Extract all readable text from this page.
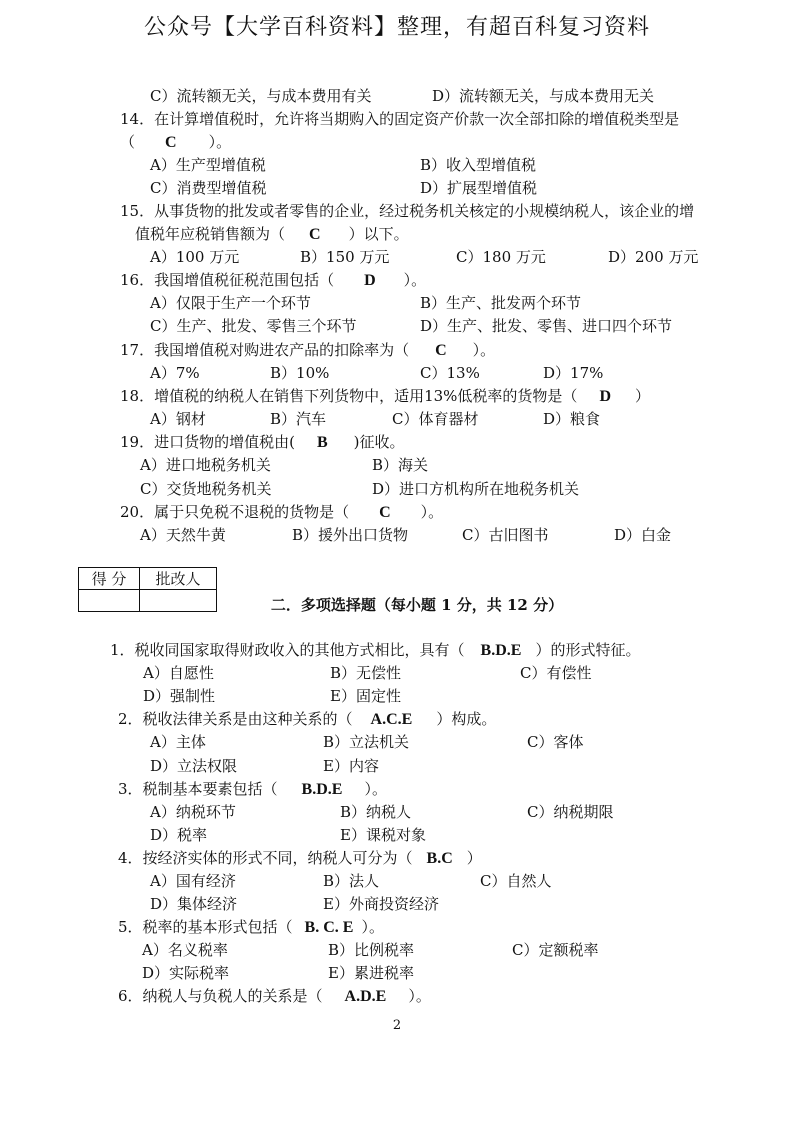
公众号【大学百科资料】整理，有超百科复习资料
C）流转额无关，与成本费用有关	D）流转额无关，与成本费用无关
14．在计算增值税时，允许将当期购入的固定资产价款一次全部扣除的增值税类型是
（ C ）。
A）生产型增值税	B）收入型增值税
C）消费型增值税	D）扩展型增值税
15．从事货物的批发或者零售的企业，经过税务机关核定的小规模纳税人，该企业的增
值税年应税销售额为（ C ）以下。
A）100 万元	B）150 万元	C）180 万元	D）200 万元
16．我国增值税征税范围包括（ D ）。
A）仅限于生产一个环节	B）生产、批发两个环节
C）生产、批发、零售三个环节	D）生产、批发、零售、进口四个环节
17．我国增值税对购进农产品的扣除率为（ C ）。
A）7%	B）10%	C）13%	D）17%
18．增值税的纳税人在销售下列货物中，适用13%低税率的货物是（ D ）
A）钢材	B）汽车	C）体育器材	D）粮食
19．进口货物的增值税由( B )征收。
A）进口地税务机关	B）海关
C）交货地税务机关	D）进口方机构所在地税务机关
20．属于只免税不退税的货物是（ C ）。
A）天然牛黄	B）援外出口货物	C）古旧图书	D）白金
得 分	批改人

二．多项选择题（每小题 1 分，共 12 分）
1．税收同国家取得财政收入的其他方式相比，具有（ B.D.E ）的形式特征。
A）自愿性	B）无偿性	C）有偿性
D）强制性	E）固定性
2．税收法律关系是由这种关系的（ A.C.E ）构成。
A）主体	B）立法机关	C）客体
D）立法权限	E）内容
3．税制基本要素包括（ B.D.E ）。
A）纳税环节	B）纳税人	C）纳税期限
D）税率	E）课税对象
4．按经济实体的形式不同，纳税人可分为（ B.C ）
A）国有经济	B）法人	C）自然人
D）集体经济	E）外商投资经济
5．税率的基本形式包括（ B. C. E ）。
A）名义税率	B）比例税率	C）定额税率
D）实际税率	E）累进税率
6．纳税人与负税人的关系是（ A.D.E ）。
2
